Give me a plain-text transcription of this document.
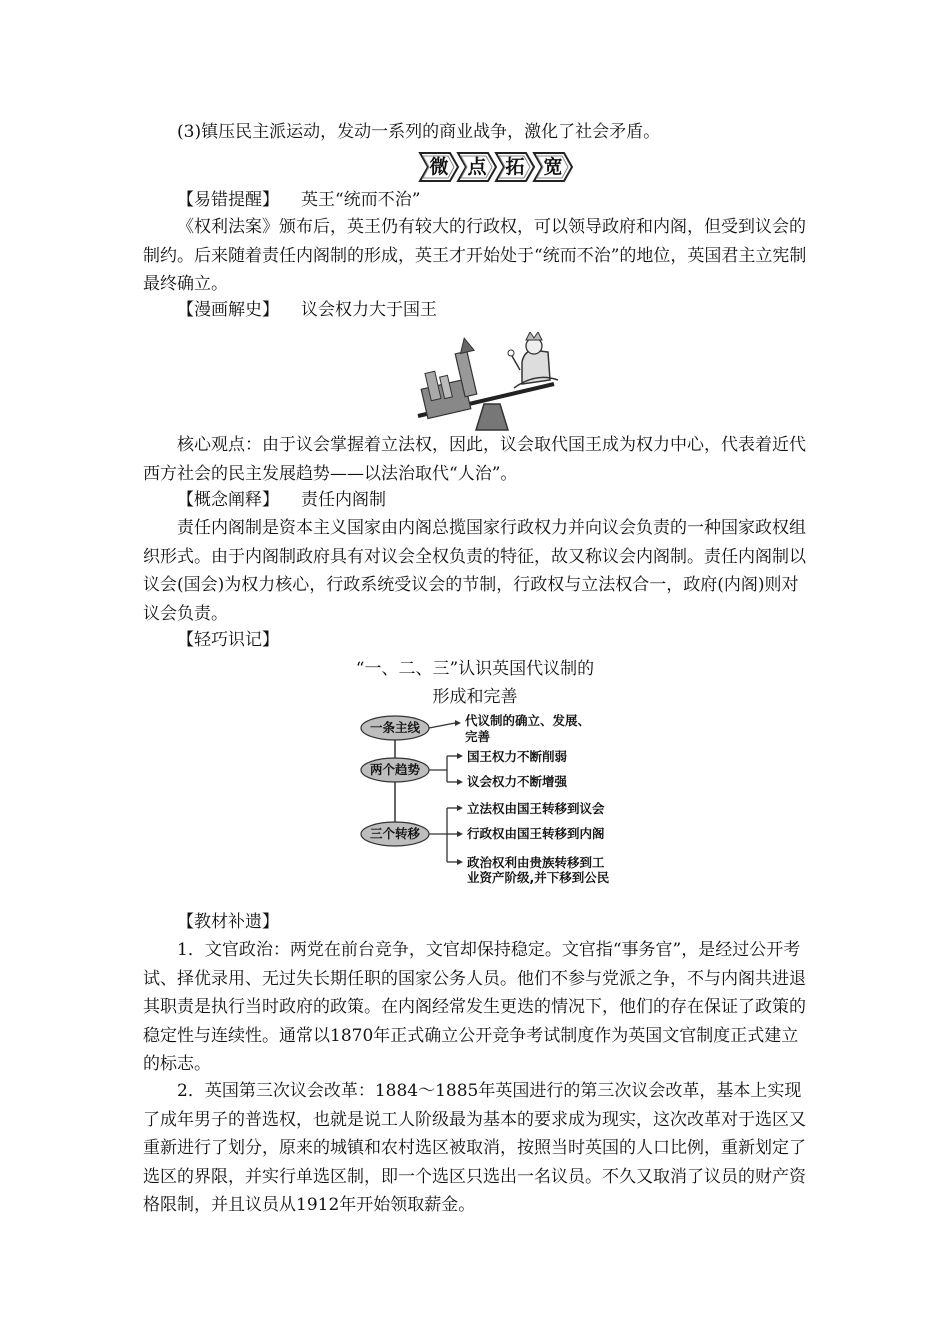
(3)镇压民主派运动，发动一系列的商业战争，激化了社会矛盾。

微 点 拓 宽
【易错提醒】 英王“统而不治”

《权利法案》颁布后，英王仍有较大的行政权，可以领导政府和内阁，但受到议会的制约。后来随着责任内阁制的形成，英王才开始处于“统而不治”的地位，英国君主立宪制最终确立。

【漫画解史】 议会权力大于国王

核心观点：由于议会掌握着立法权，因此，议会取代国王成为权力中心，代表着近代西方社会的民主发展趋势——以法治取代“人治”。

【概念阐释】 责任内阁制

责任内阁制是资本主义国家由内阁总揽国家行政权力并向议会负责的一种国家政权组织形式。由于内阁制政府具有对议会全权负责的特征，故又称议会内阁制。责任内阁制以议会(国会)为权力核心，行政系统受议会的节制，行政权与立法权合一，政府(内阁)则对议会负责。

【轻巧识记】
“一、二、三”认识英国代议制的
形成和完善
一条主线
两个趋势
三个转移
代议制的确立、发展、
完善
国王权力不断削弱
议会权力不断增强
立法权由国王转移到议会
行政权由国王转移到内阁
政治权利由贵族转移到工
业资产阶级,并下移到公民
【教材补遗】

1．文官政治：两党在前台竞争，文官却保持稳定。文官指“事务官”，是经过公开考试、择优录用、无过失长期任职的国家公务人员。他们不参与党派之争，不与内阁共进退其职责是执行当时政府的政策。在内阁经常发生更迭的情况下，他们的存在保证了政策的稳定性与连续性。通常以1870年正式确立公开竞争考试制度作为英国文官制度正式建立的标志。

2．英国第三次议会改革：1884～1885年英国进行的第三次议会改革，基本上实现了成年男子的普选权，也就是说工人阶级最为基本的要求成为现实，这次改革对于选区又重新进行了划分，原来的城镇和农村选区被取消，按照当时英国的人口比例，重新划定了选区的界限，并实行单选区制，即一个选区只选出一名议员。不久又取消了议员的财产资格限制，并且议员从1912年开始领取薪金。
